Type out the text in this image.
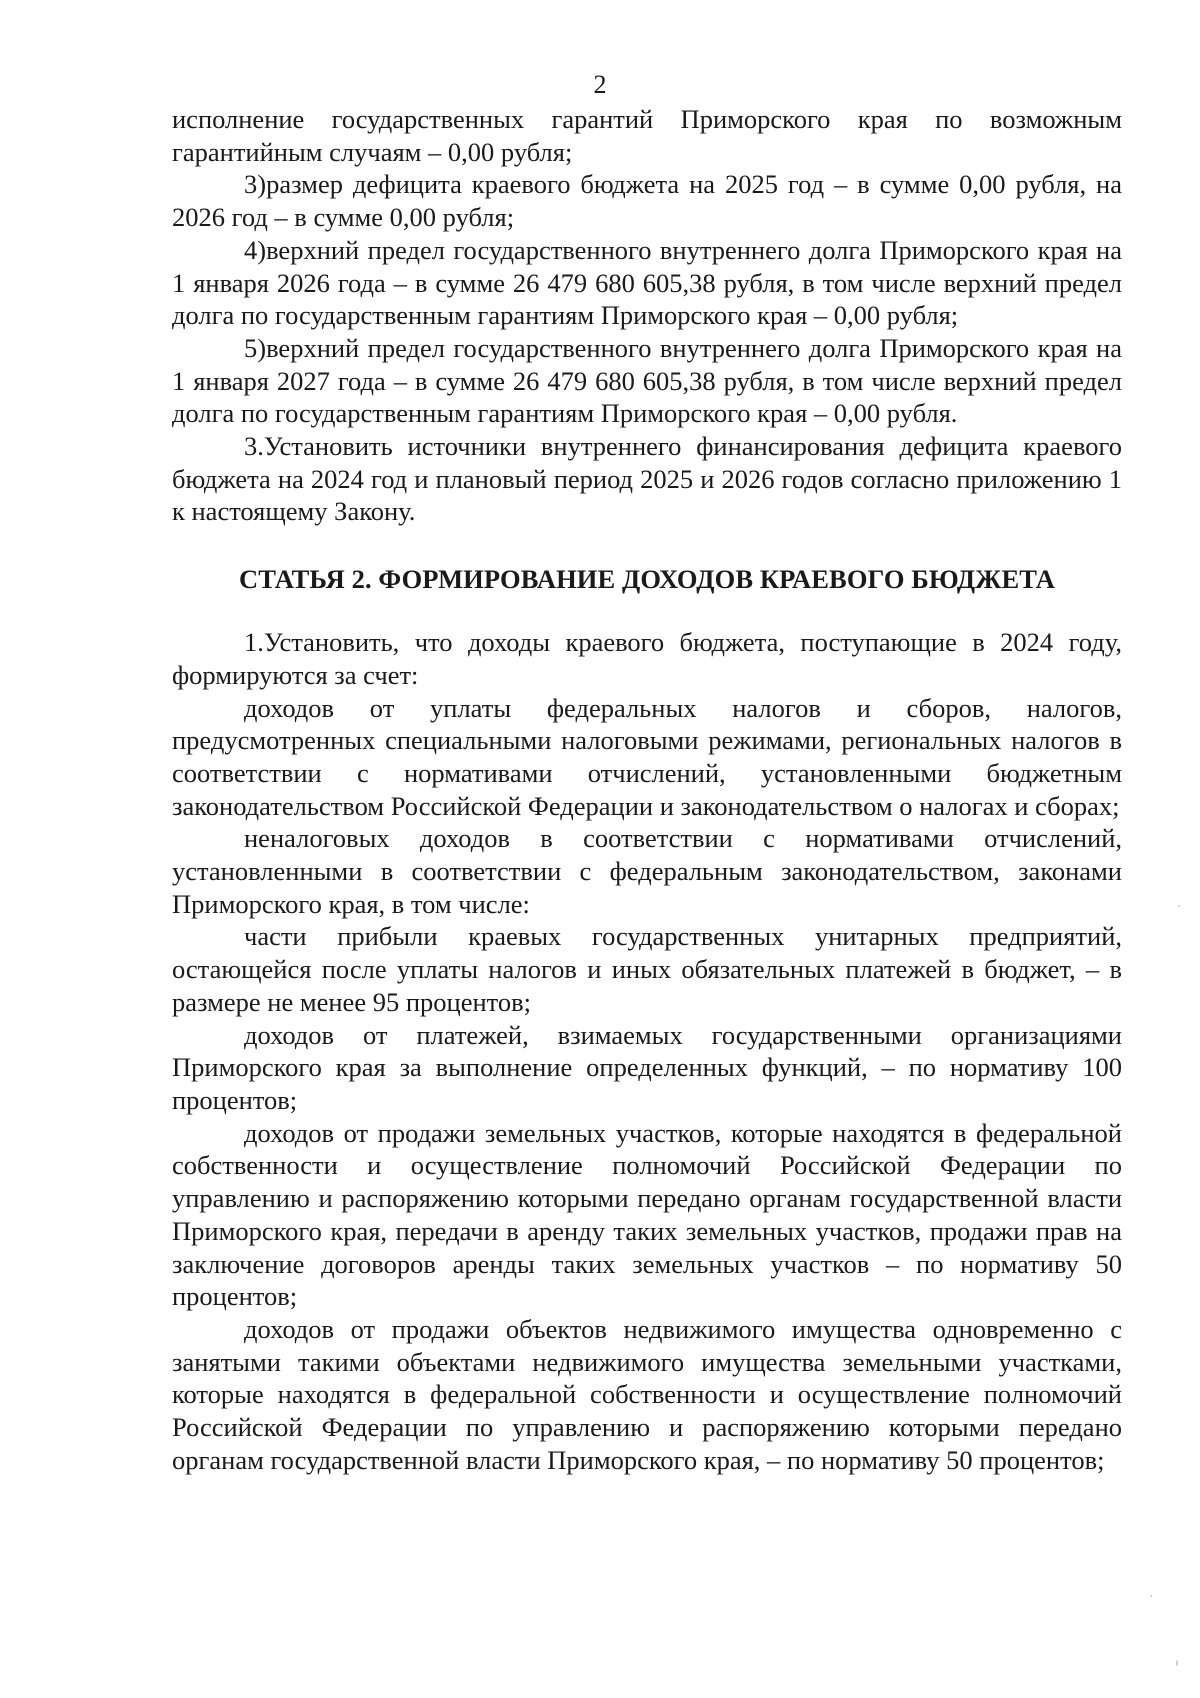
2

исполнение государственных гарантий Приморского края по возможным гарантийным случаям – 0,00 рубля;

3)размер дефицита краевого бюджета на 2025 год – в сумме 0,00 рубля, на 2026 год – в сумме 0,00 рубля;

4)верхний предел государственного внутреннего долга Приморского края на 1 января 2026 года – в сумме 26 479 680 605,38 рубля, в том числе верхний предел долга по государственным гарантиям Приморского края – 0,00 рубля;

5)верхний предел государственного внутреннего долга Приморского края на 1 января 2027 года – в сумме 26 479 680 605,38 рубля, в том числе верхний предел долга по государственным гарантиям Приморского края – 0,00 рубля.

3.Установить источники внутреннего финансирования дефицита краевого бюджета на 2024 год и плановый период 2025 и 2026 годов согласно приложению 1 к настоящему Закону.

СТАТЬЯ 2. ФОРМИРОВАНИЕ ДОХОДОВ КРАЕВОГО БЮДЖЕТА

1.Установить, что доходы краевого бюджета, поступающие в 2024 году, формируются за счет:

доходов от уплаты федеральных налогов и сборов, налогов, предусмотренных специальными налоговыми режимами, региональных налогов в соответствии с нормативами отчислений, установленными бюджетным законодательством Российской Федерации и законодательством о налогах и сборах;

неналоговых доходов в соответствии с нормативами отчислений, установленными в соответствии с федеральным законодательством, законами Приморского края, в том числе:

части прибыли краевых государственных унитарных предприятий, остающейся после уплаты налогов и иных обязательных платежей в бюджет, – в размере не менее 95 процентов;

доходов от платежей, взимаемых государственными организациями Приморского края за выполнение определенных функций, – по нормативу 100 процентов;

доходов от продажи земельных участков, которые находятся в федеральной собственности и осуществление полномочий Российской Федерации по управлению и распоряжению которыми передано органам государственной власти Приморского края, передачи в аренду таких земельных участков, продажи прав на заключение договоров аренды таких земельных участков – по нормативу 50 процентов;

доходов от продажи объектов недвижимого имущества одновременно с занятыми такими объектами недвижимого имущества земельными участками, которые находятся в федеральной собственности и осуществление полномочий Российской Федерации по управлению и распоряжению которыми передано органам государственной власти Приморского края, – по нормативу 50 процентов;
